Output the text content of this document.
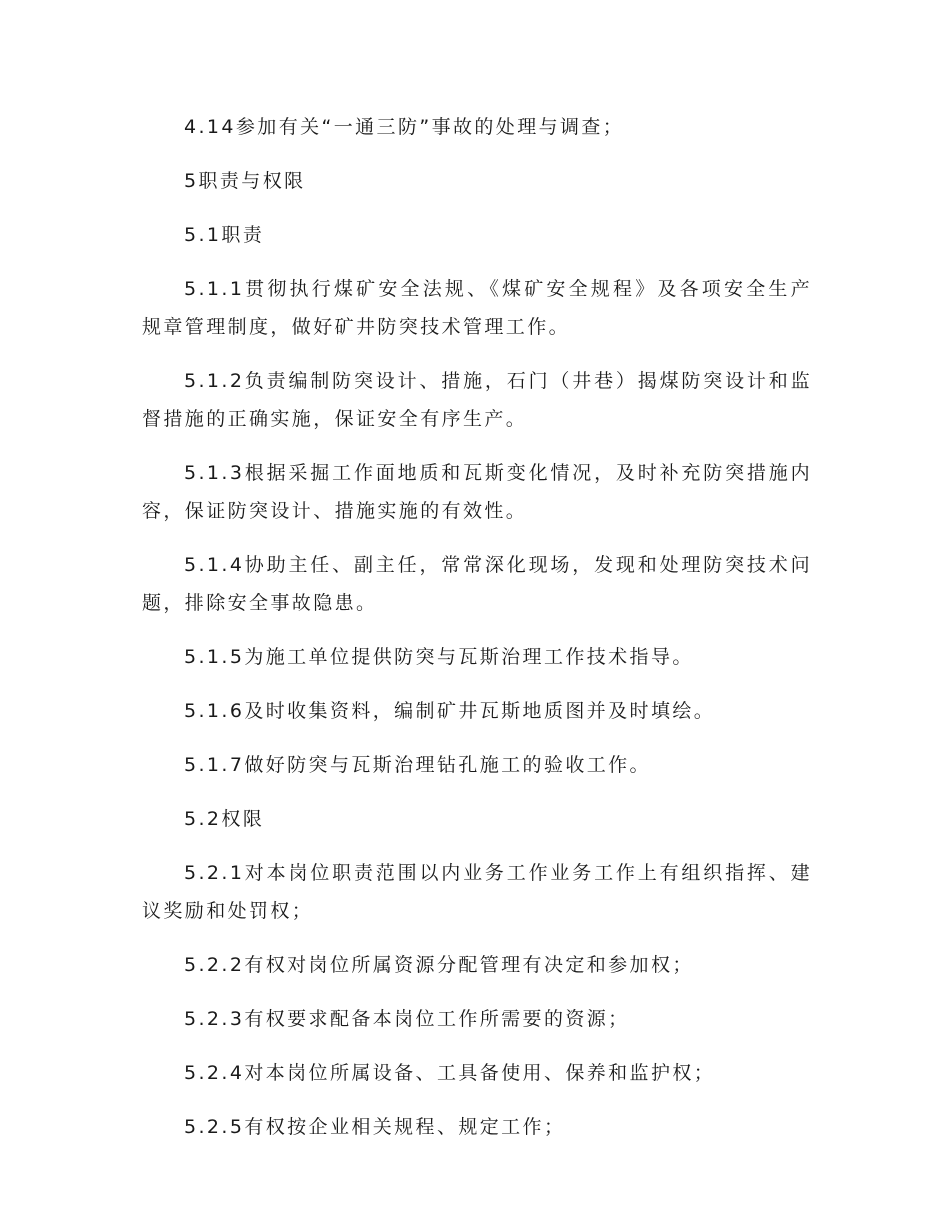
4.14参加有关“一通三防”事故的处理与调查；

5职责与权限

5.1职责

5.1.1贯彻执行煤矿安全法规、《煤矿安全规程》及各项安全生产规章管理制度，做好矿井防突技术管理工作。

5.1.2负责编制防突设计、措施，石门（井巷）揭煤防突设计和监督措施的正确实施，保证安全有序生产。

5.1.3根据采掘工作面地质和瓦斯变化情况，及时补充防突措施内容，保证防突设计、措施实施的有效性。

5.1.4协助主任、副主任，常常深化现场，发现和处理防突技术问题，排除安全事故隐患。

5.1.5为施工单位提供防突与瓦斯治理工作技术指导。

5.1.6及时收集资料，编制矿井瓦斯地质图并及时填绘。

5.1.7做好防突与瓦斯治理钻孔施工的验收工作。

5.2权限

5.2.1对本岗位职责范围以内业务工作业务工作上有组织指挥、建议奖励和处罚权；

5.2.2有权对岗位所属资源分配管理有决定和参加权；

5.2.3有权要求配备本岗位工作所需要的资源；

5.2.4对本岗位所属设备、工具备使用、保养和监护权；

5.2.5有权按企业相关规程、规定工作；
